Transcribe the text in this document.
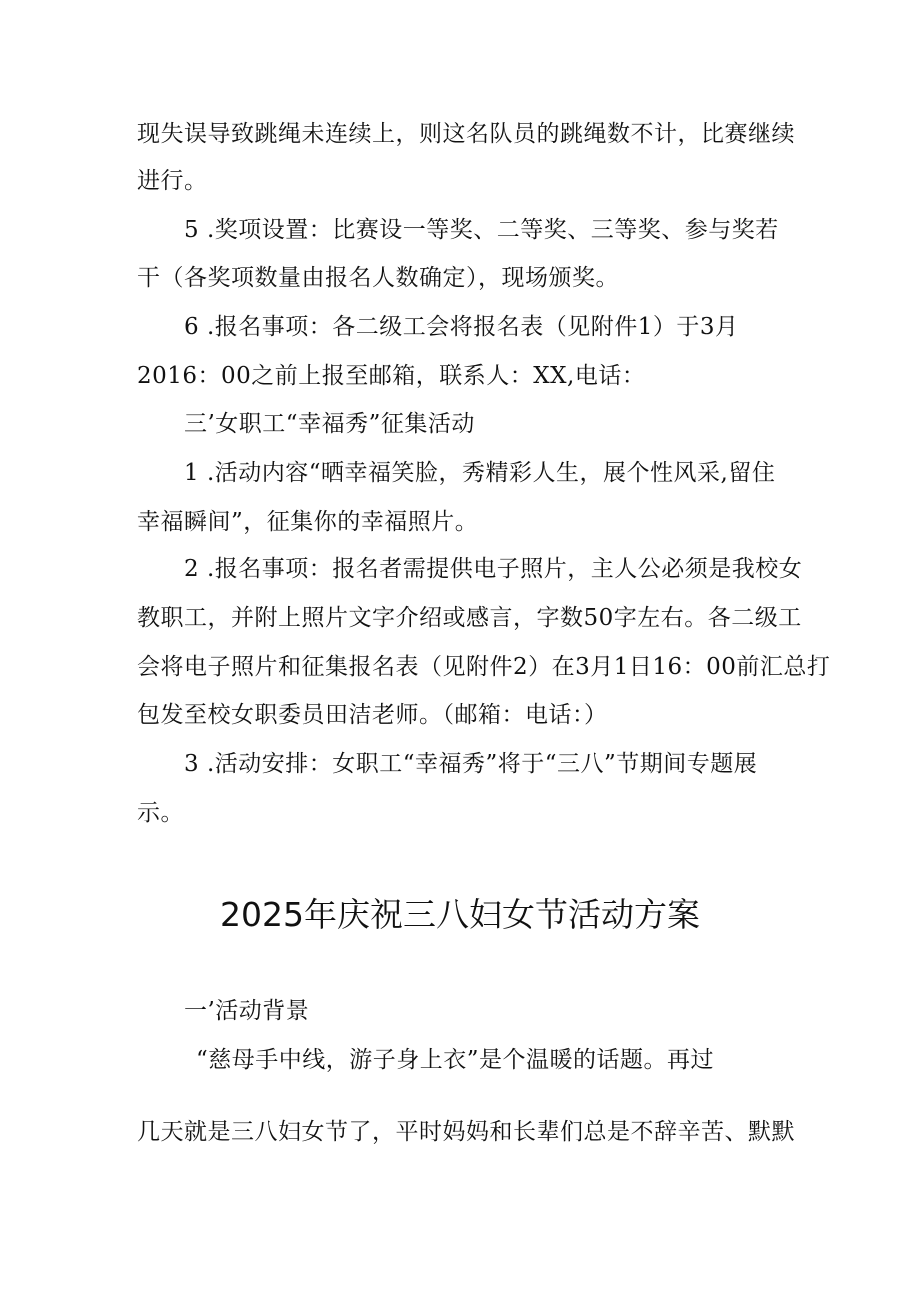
现失误导致跳绳未连续上，则这名队员的跳绳数不计，比赛继续
进行。
5 .奖项设置：比赛设一等奖、二等奖、三等奖、参与奖若
干（各奖项数量由报名人数确定），现场颁奖。
6 .报名事项：各二级工会将报名表（见附件1）于3月
2016：00之前上报至邮箱，联系人：XX,电话：
三’女职工“幸福秀”征集活动
1 .活动内容“晒幸福笑脸，秀精彩人生，展个性风采,留住
幸福瞬间”，征集你的幸福照片。
2 .报名事项：报名者需提供电子照片，主人公必须是我校女
教职工，并附上照片文字介绍或感言，字数50字左右。各二级工
会将电子照片和征集报名表（见附件2）在3月1日16：00前汇总打
包发至校女职委员田洁老师。（邮箱：电话：）
3 .活动安排：女职工“幸福秀”将于“三八”节期间专题展
示。
2025年庆祝三八妇女节活动方案
一’活动背景
“慈母手中线，游子身上衣”是个温暖的话题。再过
几天就是三八妇女节了，平时妈妈和长辈们总是不辞辛苦、默默
